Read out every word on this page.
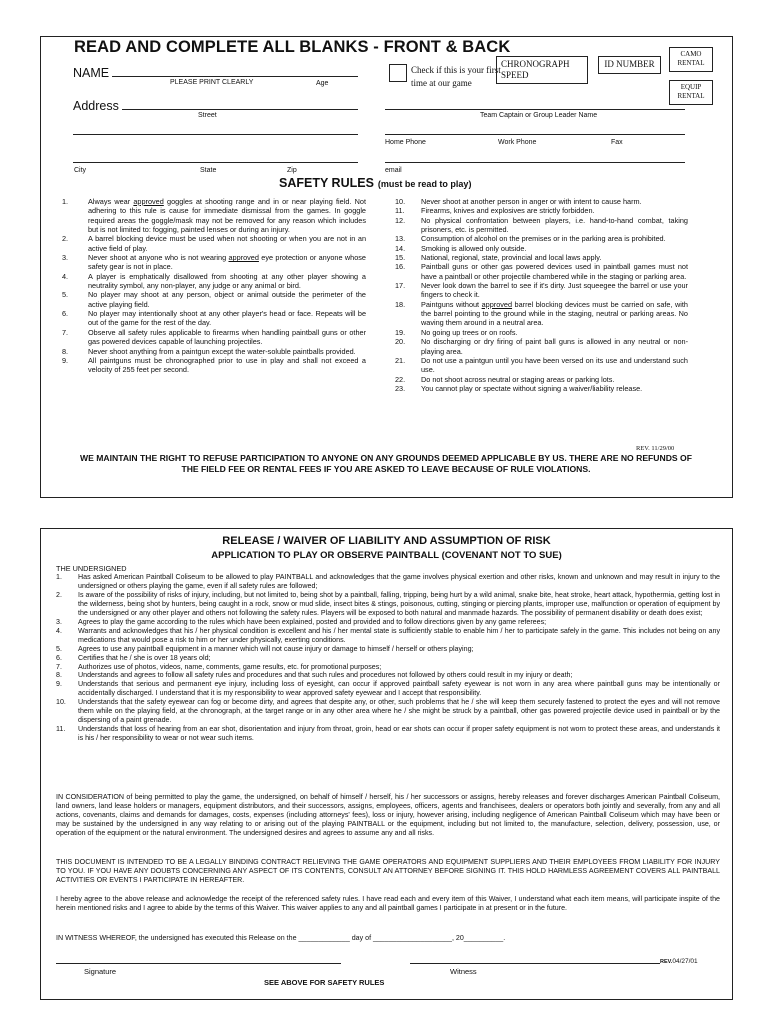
READ AND COMPLETE ALL BLANKS - FRONT & BACK
NAME
PLEASE PRINT CLEARLY	Age
Address
Street
City	State	Zip
Check if this is your first time at our game
CHRONOGRAPH SPEED
ID NUMBER
CAMO RENTAL
EQUIP RENTAL
Team Captain or Group Leader Name
Home Phone	Work Phone	Fax
email
SAFETY RULES (must be read to play)
1.	Always wear approved goggles at shooting range and in or near playing field. Not adhering to this rule is cause for immediate dismissal from the games. In goggle required areas the goggle/mask may not be removed for any reason which includes but is not limited to: fogging, painted lenses or during an injury.
2.	A barrel blocking device must be used when not shooting or when you are not in an active field of play.
3.	Never shoot at anyone who is not wearing approved eye protection or anyone whose safety gear is not in place.
4.	A player is emphatically disallowed from shooting at any other player showing a neutrality symbol, any non-player, any judge or any animal or bird.
5.	No player may shoot at any person, object or animal outside the perimeter of the active playing field.
6.	No player may intentionally shoot at any other player's head or face. Repeats will be out of the game for the rest of the day.
7.	Observe all safety rules applicable to firearms when handling paintball guns or other gas powered devices capable of launching projectiles.
8.	Never shoot anything from a paintgun except the water-soluble paintballs provided.
9.	All paintguns must be chronographed prior to use in play and shall not exceed a velocity of 255 feet per second.
10.	Never shoot at another person in anger or with intent to cause harm.
11.	Firearms, knives and explosives are strictly forbidden.
12.	No physical confrontation between players, i.e. hand-to-hand combat, taking prisoners, etc. is permitted.
13.	Consumption of alcohol on the premises or in the parking area is prohibited.
14.	Smoking is allowed only outside.
15.	National, regional, state, provincial and local laws apply.
16.	Paintball guns or other gas powered devices used in paintball games must not have a paintball or other projectile chambered while in the staging or parking area.
17.	Never look down the barrel to see if it's dirty. Just squeegee the barrel or use your fingers to check it.
18.	Paintguns without approved barrel blocking devices must be carried on safe, with the barrel pointing to the ground while in the staging, neutral or parking areas. No waving them around in a neutral area.
19.	No going up trees or on roofs.
20.	No discharging or dry firing of paint ball guns is allowed in any neutral or non-playing area.
21.	Do not use a paintgun until you have been versed on its use and understand such use.
22.	Do not shoot across neutral or staging areas or parking lots.
23.	You cannot play or spectate without signing a waiver/liability release.
REV. 11/29/00
WE MAINTAIN THE RIGHT TO REFUSE PARTICIPATION TO ANYONE ON ANY GROUNDS DEEMED APPLICABLE BY US. THERE ARE NO REFUNDS OF THE FIELD FEE OR RENTAL FEES IF YOU ARE ASKED TO LEAVE BECAUSE OF RULE VIOLATIONS.
RELEASE / WAIVER OF LIABILITY AND ASSUMPTION OF RISK
APPLICATION TO PLAY OR OBSERVE PAINTBALL (COVENANT NOT TO SUE)
THE UNDERSIGNED
1.	Has asked American Paintball Coliseum to be allowed to play PAINTBALL and acknowledges that the game involves physical exertion and other risks, known and unknown and may result in injury to the undersigned or others playing the game, even if all safety rules are followed;
2.	Is aware of the possibility of risks of injury, including, but not limited to, being shot by a paintball, falling, tripping, being hurt by a wild animal, snake bite, heat stroke, heart attack, hypothermia, getting lost in the wilderness, being shot by hunters, being caught in a rock, snow or mud slide, insect bites & stings, poisonous, cutting, stinging or piercing plants, improper use, malfunction or operation of equipment by the undersigned or any other player and others not following the safety rules. Players will be exposed to both natural and manmade hazards. The possibility of permanent disability or death does exist;
3.	Agrees to play the game according to the rules which have been explained, posted and provided and to follow directions given by any game referees;
4.	Warrants and acknowledges that his / her physical condition is excellent and his / her mental state is sufficiently stable to enable him / her to participate safely in the game. This includes not being on any medications that would pose a risk to him or her under physically, exerting conditions.
5.	Agrees to use any paintball equipment in a manner which will not cause injury or damage to himself / herself or others playing;
6.	Certifies that he / she is over 18 years old;
7.	Authorizes use of photos, videos, name, comments, game results, etc. for promotional purposes;
8.	Understands and agrees to follow all safety rules and procedures and that such rules and procedures not followed by others could result in my injury or death;
9.	Understands that serious and permanent eye injury, including loss of eyesight, can occur if approved paintball safety eyewear is not worn in any area where paintball guns may be intentionally or accidentally discharged. I understand that it is my responsibility to wear approved safety eyewear and I accept that responsibility.
10.	Understands that the safety eyewear can fog or become dirty, and agrees that despite any, or other, such problems that he / she will keep them securely fastened to protect the eyes and will not remove them while on the playing field, at the chronograph, at the target range or in any other area where he / she might be struck by a paintball, other gas powered projectile device used in paintball or by the dispersing of a paint grenade.
11.	Understands that loss of hearing from an ear shot, disorientation and injury from throat, groin, head or ear shots can occur if proper safety equipment is not worn to protect these areas, and understands it is his / her responsibility to wear or not wear such items.
IN CONSIDERATION of being permitted to play the game, the undersigned, on behalf of himself / herself, his / her successors or assigns, hereby releases and forever discharges American Paintball Coliseum, land owners, land lease holders or managers, equipment distributors, and their successors, assigns, employees, officers, agents and franchisees, dealers or operators both jointly and severally, from any and all actions, covenants, claims and demands for damages, costs, expenses (including attorneys' fees), loss or injury, however arising, including negligence of American Paintball Coliseum which may have been or may be sustained by the undersigned in any way relating to or arising out of the playing PAINTBALL or the equipment, including but not limited to, the manufacture, selection, delivery, possession, use, or operation of the equipment or the natural environment. The undersigned desires and agrees to assume any and all risks.
THIS DOCUMENT IS INTENDED TO BE A LEGALLY BINDING CONTRACT RELIEVING THE GAME OPERATORS AND EQUIPMENT SUPPLIERS AND THEIR EMPLOYEES FROM LIABILITY FOR INJURY TO YOU. IF YOU HAVE ANY DOUBTS CONCERNING ANY ASPECT OF ITS CONTENTS, CONSULT AN ATTORNEY BEFORE SIGNING IT. THIS HOLD HARMLESS AGREEMENT COVERS ALL PAINTBALL ACTIVITIES OR EVENTS I PARTICIPATE IN HEREAFTER.
I hereby agree to the above release and acknowledge the receipt of the referenced safety rules. I have read each and every item of this Waiver, I understand what each item means, will participate inspite of the herein mentioned risks and I agree to abide by the terms of this Waiver. This waiver applies to any and all paintball games I participate in at present or in the future.
IN WITNESS WHEREOF, the undersigned has executed this Release on the _____________ day of ____________________, 20__________.
REV.04/27/01
Signature	Witness
SEE ABOVE FOR SAFETY RULES
